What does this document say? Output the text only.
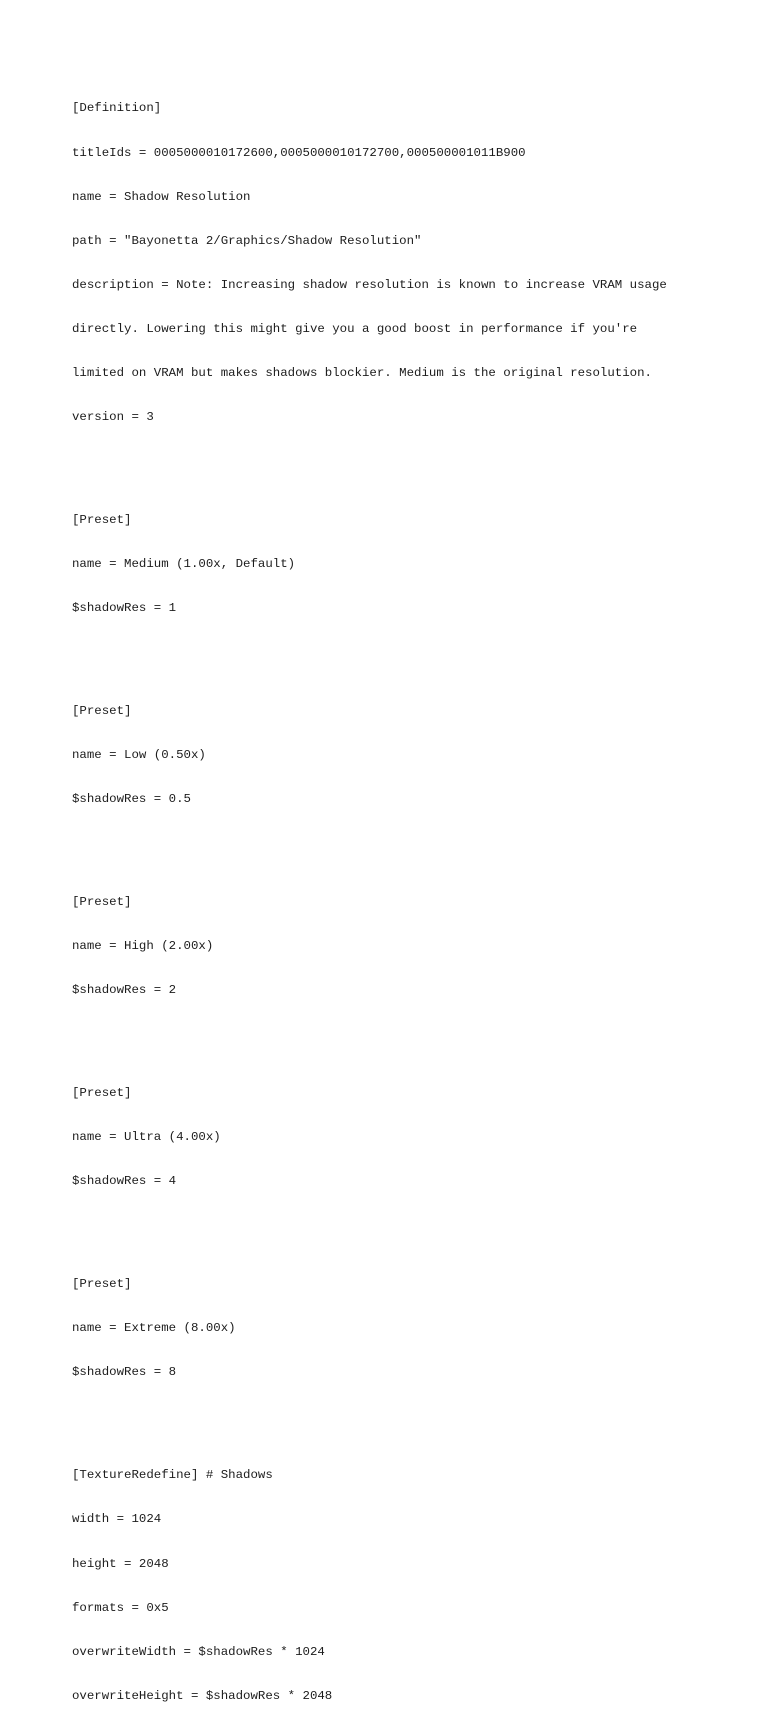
[Definition]

titleIds = 0005000010172600,0005000010172700,000500001011B900

name = Shadow Resolution

path = "Bayonetta 2/Graphics/Shadow Resolution"

description = Note: Increasing shadow resolution is known to increase VRAM usage

directly. Lowering this might give you a good boost in performance if you're

limited on VRAM but makes shadows blockier. Medium is the original resolution.

version = 3

[Preset]

name = Medium (1.00x, Default)

$shadowRes = 1

[Preset]

name = Low (0.50x)

$shadowRes = 0.5

[Preset]

name = High (2.00x)

$shadowRes = 2

[Preset]

name = Ultra (4.00x)

$shadowRes = 4

[Preset]

name = Extreme (8.00x)

$shadowRes = 8

[TextureRedefine] # Shadows

width = 1024

height = 2048

formats = 0x5

overwriteWidth = $shadowRes * 1024

overwriteHeight = $shadowRes * 2048
